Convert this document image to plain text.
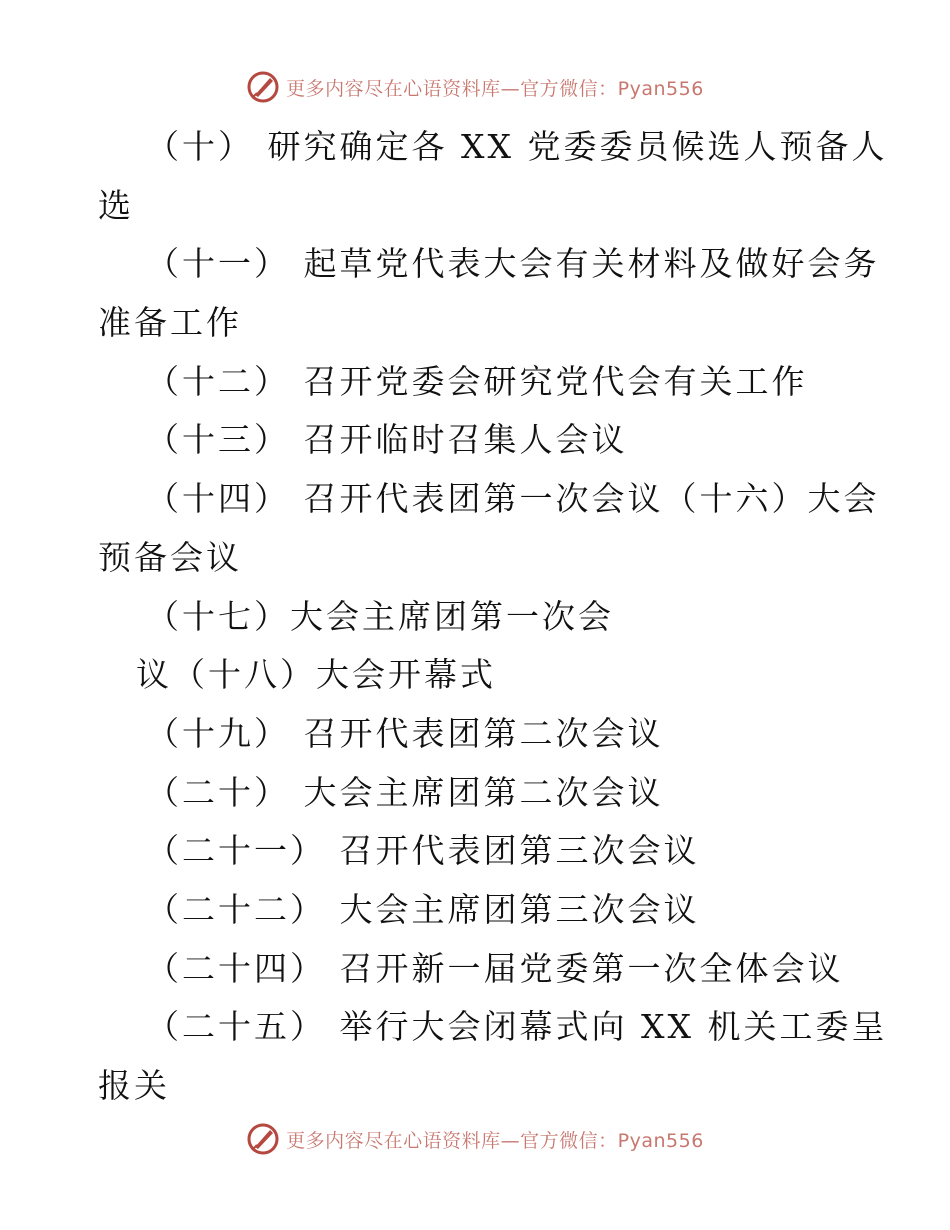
更多内容尽在心语资料库—官方微信：Pyan556
（十） 研究确定各 XX 党委委员候选人预备人
选
（十一） 起草党代表大会有关材料及做好会务
准备工作
（十二） 召开党委会研究党代会有关工作
（十三） 召开临时召集人会议
（十四） 召开代表团第一次会议（十六）大会
预备会议
（十七）大会主席团第一次会
议（十八）大会开幕式
（十九） 召开代表团第二次会议
（二十） 大会主席团第二次会议
（二十一） 召开代表团第三次会议
（二十二） 大会主席团第三次会议
（二十四） 召开新一届党委第一次全体会议
（二十五） 举行大会闭幕式向 XX 机关工委呈
报关
更多内容尽在心语资料库—官方微信：Pyan556
